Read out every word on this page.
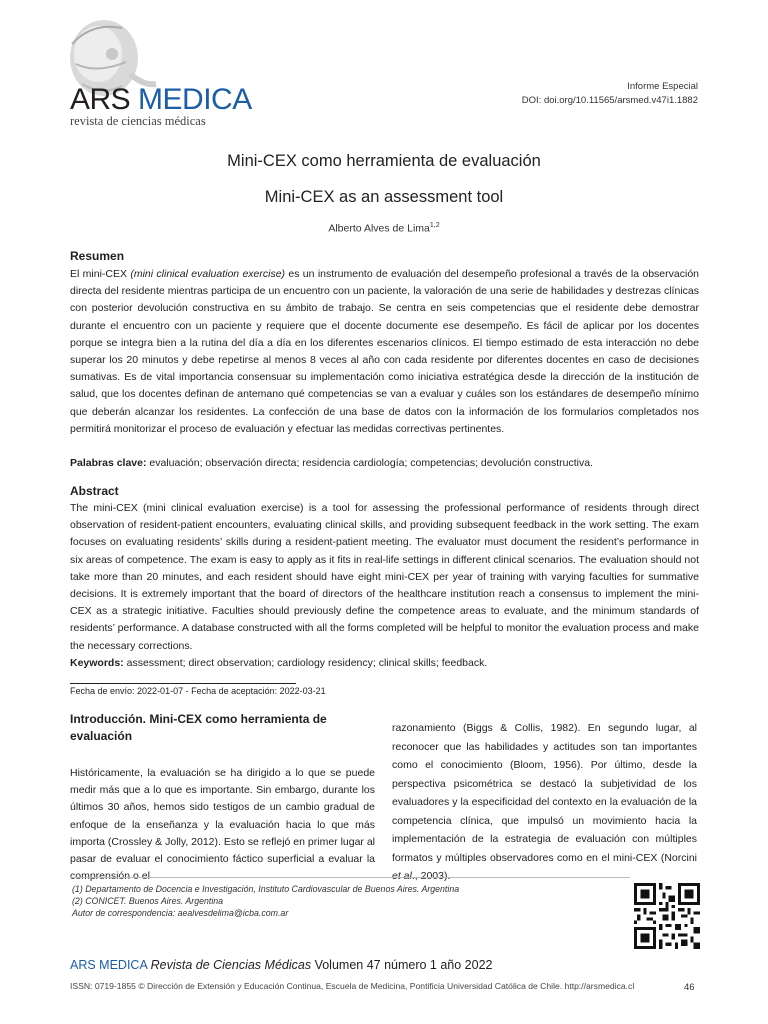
ARS MEDICA
revista de ciencias médicas
Informe Especial
DOI: doi.org/10.11565/arsmed.v47i1.1882
Mini-CEX como herramienta de evaluación
Mini-CEX as an assessment tool
Alberto Alves de Lima$^{1,2}$
Resumen
El mini-CEX (mini clinical evaluation exercise) es un instrumento de evaluación del desempeño profesional a través de la observación directa del residente mientras participa de un encuentro con un paciente, la valoración de una serie de habilidades y destrezas clínicas con posterior devolución constructiva en su ámbito de trabajo. Se centra en seis competencias que el residente debe demostrar durante el encuentro con un paciente y requiere que el docente documente ese desempeño. Es fácil de aplicar por los docentes porque se integra bien a la rutina del día a día en los diferentes escenarios clínicos. El tiempo estimado de esta interacción no debe superar los 20 minutos y debe repetirse al menos 8 veces al año con cada residente por diferentes docentes en caso de decisiones sumativas. Es de vital importancia consensuar su implementación como iniciativa estratégica desde la dirección de la institución de salud, que los docentes definan de antemano qué competencias se van a evaluar y cuáles son los estándares de desempeño mínimo que deberán alcanzar los residentes. La confección de una base de datos con la información de los formularios completados nos permitirá monitorizar el proceso de evaluación y efectuar las medidas correctivas pertinentes.
Palabras clave: evaluación; observación directa; residencia cardiología; competencias; devolución constructiva.
Abstract
The mini-CEX (mini clinical evaluation exercise) is a tool for assessing the professional performance of residents through direct observation of resident-patient encounters, evaluating clinical skills, and providing subsequent feedback in the work setting. The exam focuses on evaluating residents’ skills during a resident-patient meeting. The evaluator must document the resident’s performance in six areas of competence. The exam is easy to apply as it fits in real-life settings in different clinical scenarios. The evaluation should not take more than 20 minutes, and each resident should have eight mini-CEX per year of training with varying faculties for summative decisions. It is extremely important that the board of directors of the healthcare institution reach a consensus to implement the mini-CEX as a strategic initiative. Faculties should previously define the competence areas to evaluate, and the minimum standards of residents’ performance. A database constructed with all the forms completed will be helpful to monitor the evaluation process and make the necessary corrections.
Keywords: assessment; direct observation; cardiology residency; clinical skills; feedback.
Fecha de envío: 2022-01-07 - Fecha de aceptación: 2022-03-21
Introducción. Mini-CEX como herramienta de evaluación
Históricamente, la evaluación se ha dirigido a lo que se puede medir más que a lo que es importante. Sin embargo, durante los últimos 30 años, hemos sido testigos de un cambio gradual de enfoque de la enseñanza y la evaluación hacia lo que más importa (Crossley & Jolly, 2012). Esto se reflejó en primer lugar al pasar de evaluar el conocimiento fáctico superficial a evaluar la comprensión o el
razonamiento (Biggs & Collis, 1982). En segundo lugar, al reconocer que las habilidades y actitudes son tan importantes como el conocimiento (Bloom, 1956). Por último, desde la perspectiva psicométrica se destacó la subjetividad de los evaluadores y la especificidad del contexto en la evaluación de la competencia clínica, que impulsó un movimiento hacia la implementación de la estrategia de evaluación con múltiples formatos y múltiples observadores como en el mini-CEX (Norcini et al., 2003).
(1) Departamento de Docencia e Investigación, Instituto Cardiovascular de Buenos Aires. Argentina
(2) CONICET. Buenos Aires. Argentina
Autor de correspondencia: aealvesdelima@icba.com.ar
ARS MEDICA Revista de Ciencias Médicas Volumen 47 número 1 año 2022
ISSN: 0719-1855 © Dirección de Extensión y Educación Continua, Escuela de Medicina, Pontificia Universidad Católica de Chile. http://arsmedica.cl	46
